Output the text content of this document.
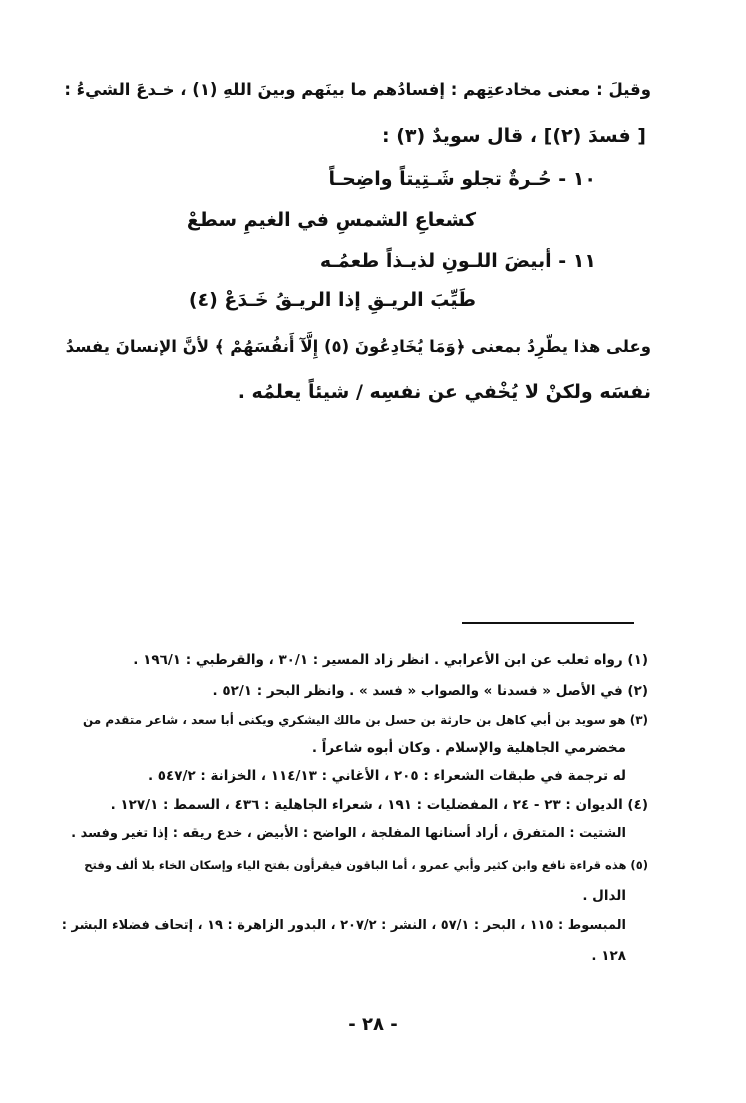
وقيلَ : معنى مخادعتِهم : إفسادُهم ما بينَهم وبينَ اللهِ (١) ، خـدعَ الشيءُ :
[ فسدَ (٢)] ، قال سويدٌ (٣) :
١٠ - حُـرةٌ تجلو شَـتِيتاً واضِحـاً
كشعاعِ الشمسِ في الغيمِ سطعْ
١١ - أبيضَ اللـونِ لذيـذاً طعمُـه
طَيِّبَ الريـقِ إذا الريـقُ خَـدَعْ (٤)
وعلى هذا يطّرِدُ بمعنى ﴿وَمَا يُخَادِعُونَ (٥) إِلَّآ أَنفُسَهُمْ ﴾ لأنَّ الإنسانَ يفسدُ
نفسَه ولكنْ لا يُخْفي عن نفسِه / شيئاً يعلمُه .
(١) رواه ثعلب عن ابن الأعرابي . انظر زاد المسير : ٣٠/١ ، والقرطبي : ١٩٦/١ .
(٢) في الأصل « فسدنا » والصواب « فسد » . وانظر البحر : ٥٢/١ .
(٣) هو سويد بن أبي كاهل بن حارثة بن حسل بن مالك اليشكري ويكنى أبا سعد ، شاعر متقدم من
مخضرمي الجاهلية والإسلام . وكان أبوه شاعراً .
له ترجمة في طبقات الشعراء : ٢٠٥ ، الأغاني : ١١٤/١٣ ، الخزانة : ٥٤٧/٢ .
(٤) الديوان : ٢٣ - ٢٤ ، المفضليات : ١٩١ ، شعراء الجاهلية : ٤٣٦ ، السمط : ١٢٧/١ .
الشتيت : المتفرق ، أراد أسنانها المفلجة ، الواضح : الأبيض ، خدع ريقه : إذا تغير وفسد .
(٥) هذه قراءة نافع وابن كثير وأبي عمرو ، أما الباقون فيقرأون بفتح الياء وإسكان الخاء بلا ألف وفتح
الدال .
المبسوط : ١١٥ ، البحر : ٥٧/١ ، النشر : ٢٠٧/٢ ، البدور الزاهرة : ١٩ ، إتحاف فضلاء البشر :
١٢٨ .
- ٢٨ -
